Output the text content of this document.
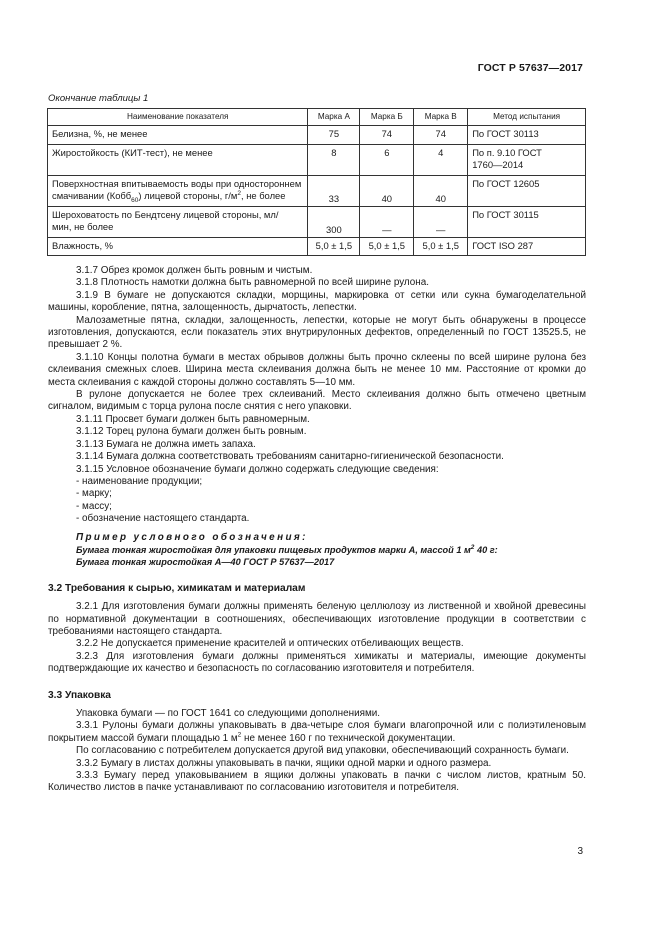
ГОСТ Р 57637—2017
Окончание таблицы 1
Наименование показателя	Марка А	Марка Б	Марка В	Метод испытания
Белизна, %, не менее	75	74	74	По ГОСТ 30113
Жиростойкость (КИТ-тест), не менее	8	6	4	По п. 9.10 ГОСТ
1760—2014
Поверхностная впитываемость воды при одностороннем
смачивании (Кобб$_{60}$) лицевой стороны, $г/м^2$, не более	33	40	40	По ГОСТ 12605
Шероховатость по Бендтсену лицевой стороны, мл/
мин, не более	300	—	—	По ГОСТ 30115
Влажность, %	5,0 ± 1,5	5,0 ± 1,5	5,0 ± 1,5	ГОСТ ISO 287

3.1.7 Обрез кромок должен быть ровным и чистым.

3.1.8 Плотность намотки должна быть равномерной по всей ширине рулона.

3.1.9 В бумаге не допускаются складки, морщины, маркировка от сетки или сукна бумагоделательной машины, коробление, пятна, залощенность, дырчатость, лепестки.

Малозаметные пятна, складки, залощенность, лепестки, которые не могут быть обнаружены в процессе изготовления, допускаются, если показатель этих внутрирулонных дефектов, определенный по ГОСТ 13525.5, не превышает 2 %.

3.1.10 Концы полотна бумаги в местах обрывов должны быть прочно склеены по всей ширине рулона без склеивания смежных слоев. Ширина места склеивания должна быть не менее 10 мм. Расстояние от кромки до места склеивания с каждой стороны должно составлять 5—10 мм.

В рулоне допускается не более трех склеиваний. Место склеивания должно быть отмечено цветным сигналом, видимым с торца рулона после снятия с него упаковки.

3.1.11 Просвет бумаги должен быть равномерным.

3.1.12 Торец рулона бумаги должен быть ровным.

3.1.13 Бумага не должна иметь запаха.

3.1.14 Бумага должна соответствовать требованиям санитарно-гигиенической безопасности.

3.1.15 Условное обозначение бумаги должно содержать следующие сведения:

- наименование продукции;

- марку;

- массу;

- обозначение настоящего стандарта.

Пример условного обозначения:

Бумага тонкая жиростойкая для упаковки пищевых продуктов марки А, массой 1 $м^2$ 40 г:

Бумага тонкая жиростойкая А—40 ГОСТ Р 57637—2017

3.2 Требования к сырью, химикатам и материалам

3.2.1 Для изготовления бумаги должны применять беленую целлюлозу из лиственной и хвойной древесины по нормативной документации в соотношениях, обеспечивающих изготовление продукции в соответствии с требованиями настоящего стандарта.

3.2.2 Не допускается применение красителей и оптических отбеливающих веществ.

3.2.3 Для изготовления бумаги должны применяться химикаты и материалы, имеющие документы подтверждающие их качество и безопасность по согласованию изготовителя и потребителя.

3.3 Упаковка

Упаковка бумаги — по ГОСТ 1641 со следующими дополнениями.

3.3.1 Рулоны бумаги должны упаковывать в два-четыре слоя бумаги влагопрочной или с полиэтиленовым покрытием массой бумаги площадью 1 $м^2$ не менее 160 г по технической документации.

По согласованию с потребителем допускается другой вид упаковки, обеспечивающий сохранность бумаги.

3.3.2 Бумагу в листах должны упаковывать в пачки, ящики одной марки и одного размера.

3.3.3 Бумагу перед упаковыванием в ящики должны упаковать в пачки с числом листов, кратным 50. Количество листов в пачке устанавливают по согласованию изготовителя и потребителя.

3
